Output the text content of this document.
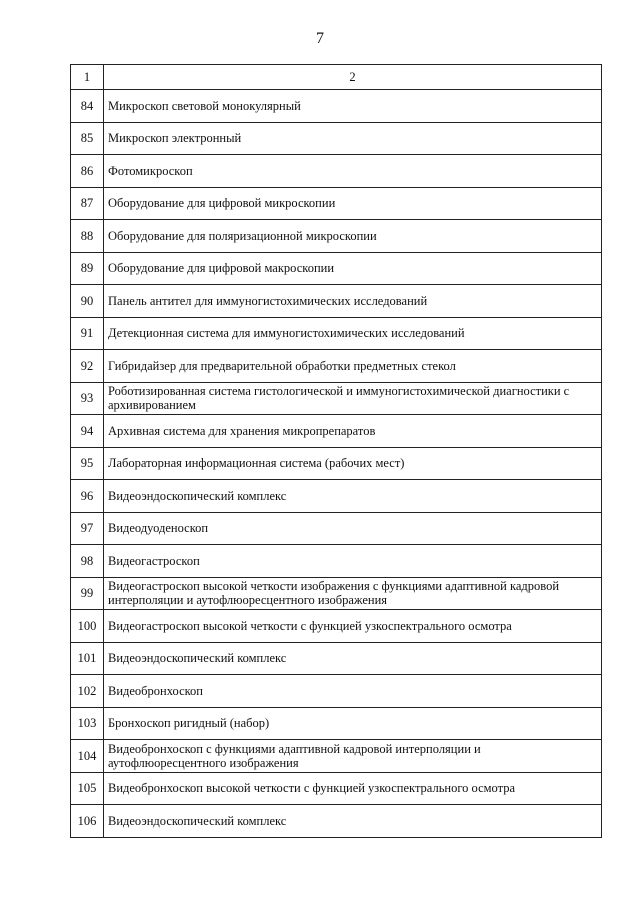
7
1	2
84	Микроскоп световой монокулярный
85	Микроскоп электронный
86	Фотомикроскоп
87	Оборудование для цифровой микроскопии
88	Оборудование для поляризационной микроскопии
89	Оборудование для цифровой макроскопии
90	Панель антител для иммуногистохимических исследований
91	Детекционная система для иммуногистохимических исследований
92	Гибридайзер для предварительной обработки предметных стекол
93	Роботизированная система гистологической и иммуногистохимической диагностики с архивированием
94	Архивная система для хранения микропрепаратов
95	Лабораторная информационная система (рабочих мест)
96	Видеоэндоскопический комплекс
97	Видеодуоденоскоп
98	Видеогастроскоп
99	Видеогастроскоп высокой четкости изображения с функциями адаптивной кадровой интерполяции и аутофлюоресцентного изображения
100	Видеогастроскоп высокой четкости с функцией узкоспектрального осмотра
101	Видеоэндоскопический комплекс
102	Видеобронхоскоп
103	Бронхоскоп ригидный (набор)
104	Видеобронхоскоп с функциями адаптивной кадровой интерполяции и аутофлюоресцентного изображения
105	Видеобронхоскоп высокой четкости с функцией узкоспектрального осмотра
106	Видеоэндоскопический комплекс
